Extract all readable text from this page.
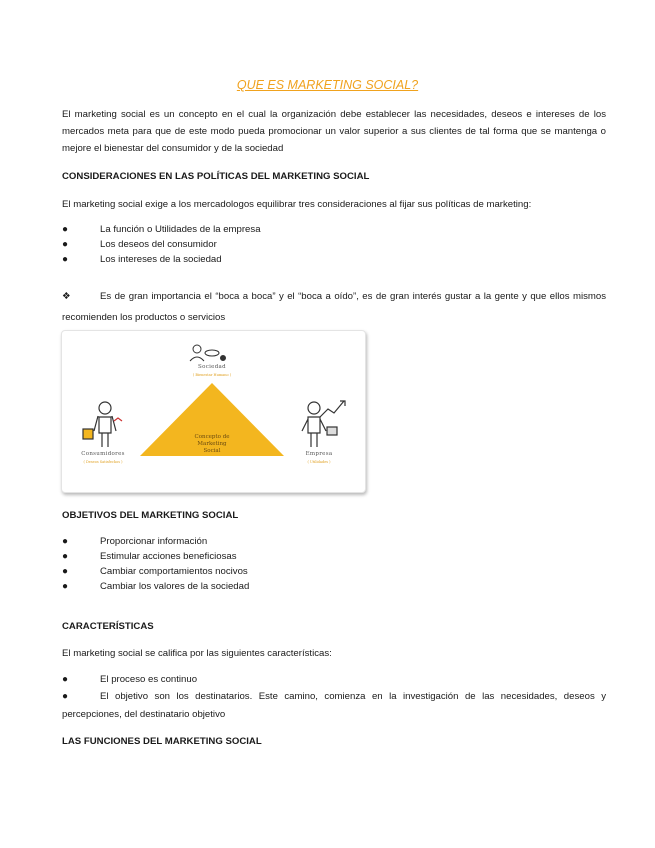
QUE ES MARKETING SOCIAL?

El marketing social es un concepto en el cual la organización debe establecer las necesidades, deseos e intereses de los mercados meta para que de este modo pueda promocionar un valor superior a sus clientes de tal forma que se mantenga o mejore el bienestar del consumidor y de la sociedad

CONSIDERACIONES EN LAS POLÍTICAS DEL MARKETING SOCIAL

El marketing social exige a los mercadologos equilibrar tres consideraciones al fijar sus políticas de marketing:

●	La función o Utilidades de la empresa
●	Los deseos del consumidor
●	Los intereses de la sociedad

❖	Es de gran importancia el “boca a boca” y el “boca a oído”, es de gran interés gustar a la gente y que ellos mismos recomienden los productos o servicios

Sociedad
( Bienestar Humano )
Consumidores
( Deseos Satisfechos )
Empresa
( Utilidades )
Concepto de
Marketing
Social

OBJETIVOS DEL MARKETING SOCIAL

●	Proporcionar información
●	Estimular acciones beneficiosas
●	Cambiar comportamientos nocivos
●	Cambiar los valores de la sociedad

CARACTERÍSTICAS

El marketing social se califica por las siguientes características:

●	El proceso es continuo
●	El objetivo son los destinatarios. Este camino, comienza en la investigación de las necesidades, deseos y percepciones, del destinatario objetivo

LAS FUNCIONES DEL MARKETING SOCIAL
